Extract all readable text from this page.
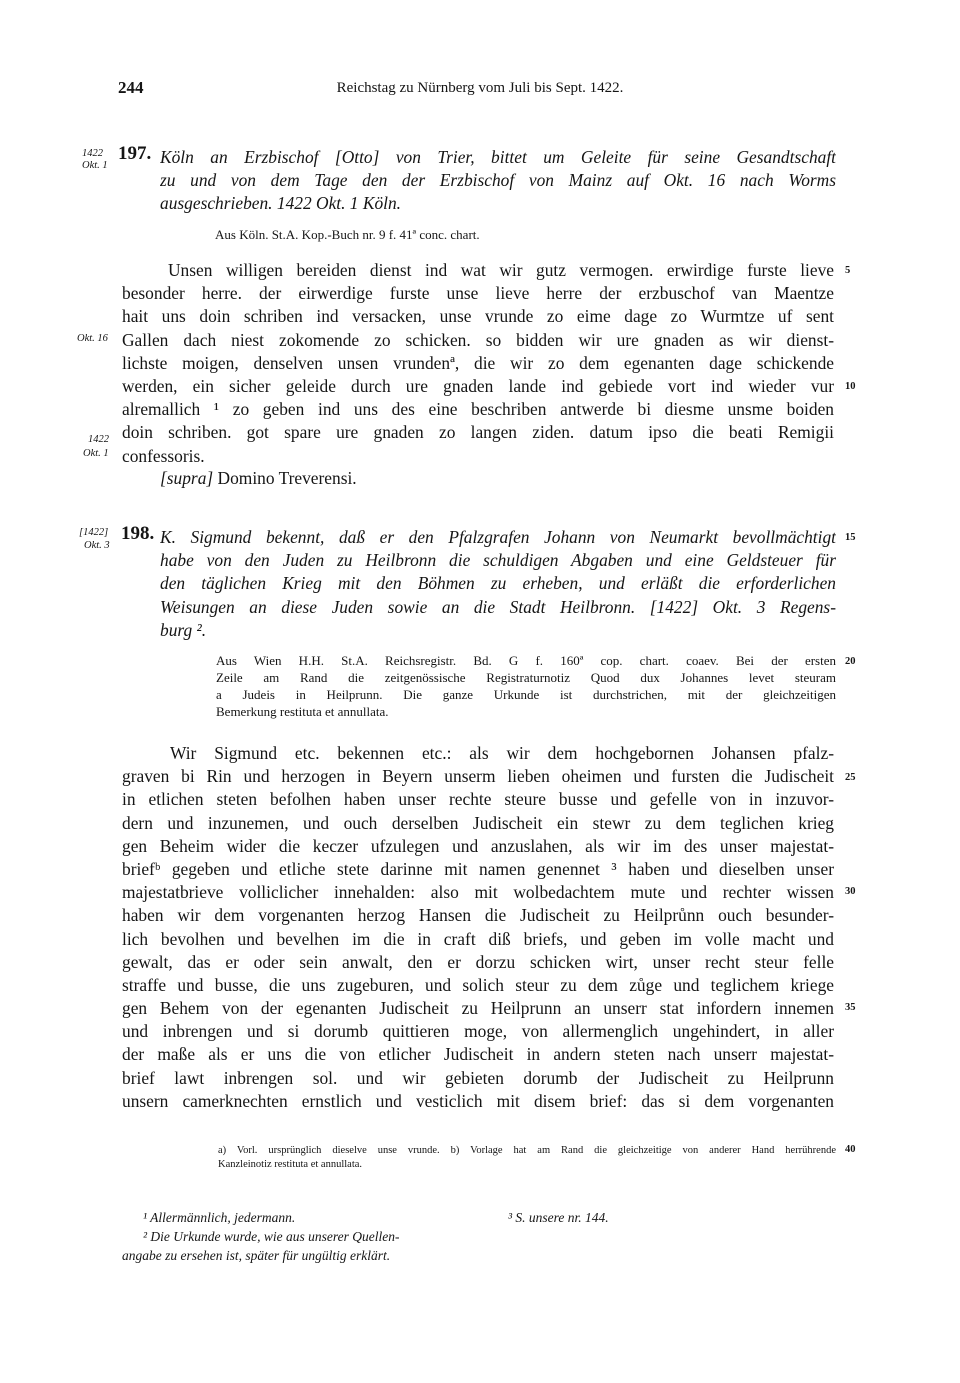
244	Reichstag zu Nürnberg vom Juli bis Sept. 1422.
1422
Okt. 1
197. Köln an Erzbischof [Otto] von Trier, bittet um Geleite für seine Gesandtschaft
zu und von dem Tage den der Erzbischof von Mainz auf Okt. 16 nach Worms
ausgeschrieben. 1422 Okt. 1 Köln.
Aus Köln. St.A. Kop.-Buch nr. 9 f. 41ª conc. chart.
Unsen willigen bereiden dienst ind wat wir gutz vermogen. erwirdige furste lieve
besonder herre. der eirwerdige furste unse lieve herre der erzbuschof van Maentze
hait uns doin schriben ind versacken, unse vrunde zo eime dage zo Wurmtze uf sent
Gallen dach niest zokomende zo schicken. so bidden wir ure gnaden as wir dienst-
lichste moigen, denselven unsen vrundenª, die wir zo dem egenanten dage schickende
werden, ein sicher geleide durch ure gnaden lande ind gebiede vort ind wieder vur
alremallich ¹ zo geben ind uns des eine beschriben antwerde bi diesme unsme boiden
doin schriben. got spare ure gnaden zo langen ziden. datum ipso die beati Remigii
confessoris.
[supra] Domino Treverensi.
Okt. 16
1422
Okt. 1
[1422]
Okt. 3
198. K. Sigmund bekennt, daß er den Pfalzgrafen Johann von Neumarkt bevollmächtigt
habe von den Juden zu Heilbronn die schuldigen Abgaben und eine Geldsteuer für
den täglichen Krieg mit den Böhmen zu erheben, und erläßt die erforderlichen
Weisungen an diese Juden sowie an die Stadt Heilbronn. [1422] Okt. 3 Regens-
burg ².
Aus Wien H.H. St.A. Reichsregistr. Bd. G f. 160ª cop. chart. coaev. Bei der ersten
Zeile am Rand die zeitgenössische Registraturnotiz Quod dux Johannes levet steuram
a Judeis in Heilprunn. Die ganze Urkunde ist durchstrichen, mit der gleichzeitigen
Bemerkung restituta et annullata.
Wir Sigmund etc. bekennen etc.: als wir dem hochgebornen Johansen pfalz-
graven bi Rin und herzogen in Beyern unserm lieben oheimen und fursten die Judischeit
in etlichen steten befolhen haben unser rechte steure busse und gefelle von in inzuvor-
dern und inzunemen, und ouch derselben Judischeit ein stewr zu dem teglichen krieg
gen Beheim wider die keczer ufzulegen und anzuslahen, als wir im des unser majestat-
briefᵇ gegeben und etliche stete darinne mit namen genennet ³ haben und dieselben unser
majestatbrieve volliclicher innehalden: also mit wolbedachtem mute und rechter wissen
haben wir dem vorgenanten herzog Hansen die Judischeit zu Heilprůnn ouch besunder-
lich bevolhen und bevelhen im die in craft diß briefs, und geben im volle macht und
gewalt, das er oder sein anwalt, den er dorzu schicken wirt, unser recht steur felle
straffe und busse, die uns zugeburen, und solich steur zu dem zůge und teglichem kriege
gen Behem von der egenanten Judischeit zu Heilprunn an unserr stat infordern innemen
und inbrengen und si dorumb quittieren moge, von allermenglich ungehindert, in aller
der maße als er uns die von etlicher Judischeit in andern steten nach unserr majestat-
brief lawt inbrengen sol. und wir gebieten dorumb der Judischeit zu Heilprunn
unsern camerknechten ernstlich und vesticlich mit disem brief: das si dem vorgenanten
5
10
15
20
25
30
35
40
a) Vorl. ursprünglich dieselve unse vrunde. b) Vorlage hat am Rand die gleichzeitige von anderer Hand herrührende
Kanzleinotiz restituta et annullata.
¹ Allermännlich, jedermann.
² Die Urkunde wurde, wie aus unserer Quellen-
angabe zu ersehen ist, später für ungültig erklärt.
³ S. unsere nr. 144.
